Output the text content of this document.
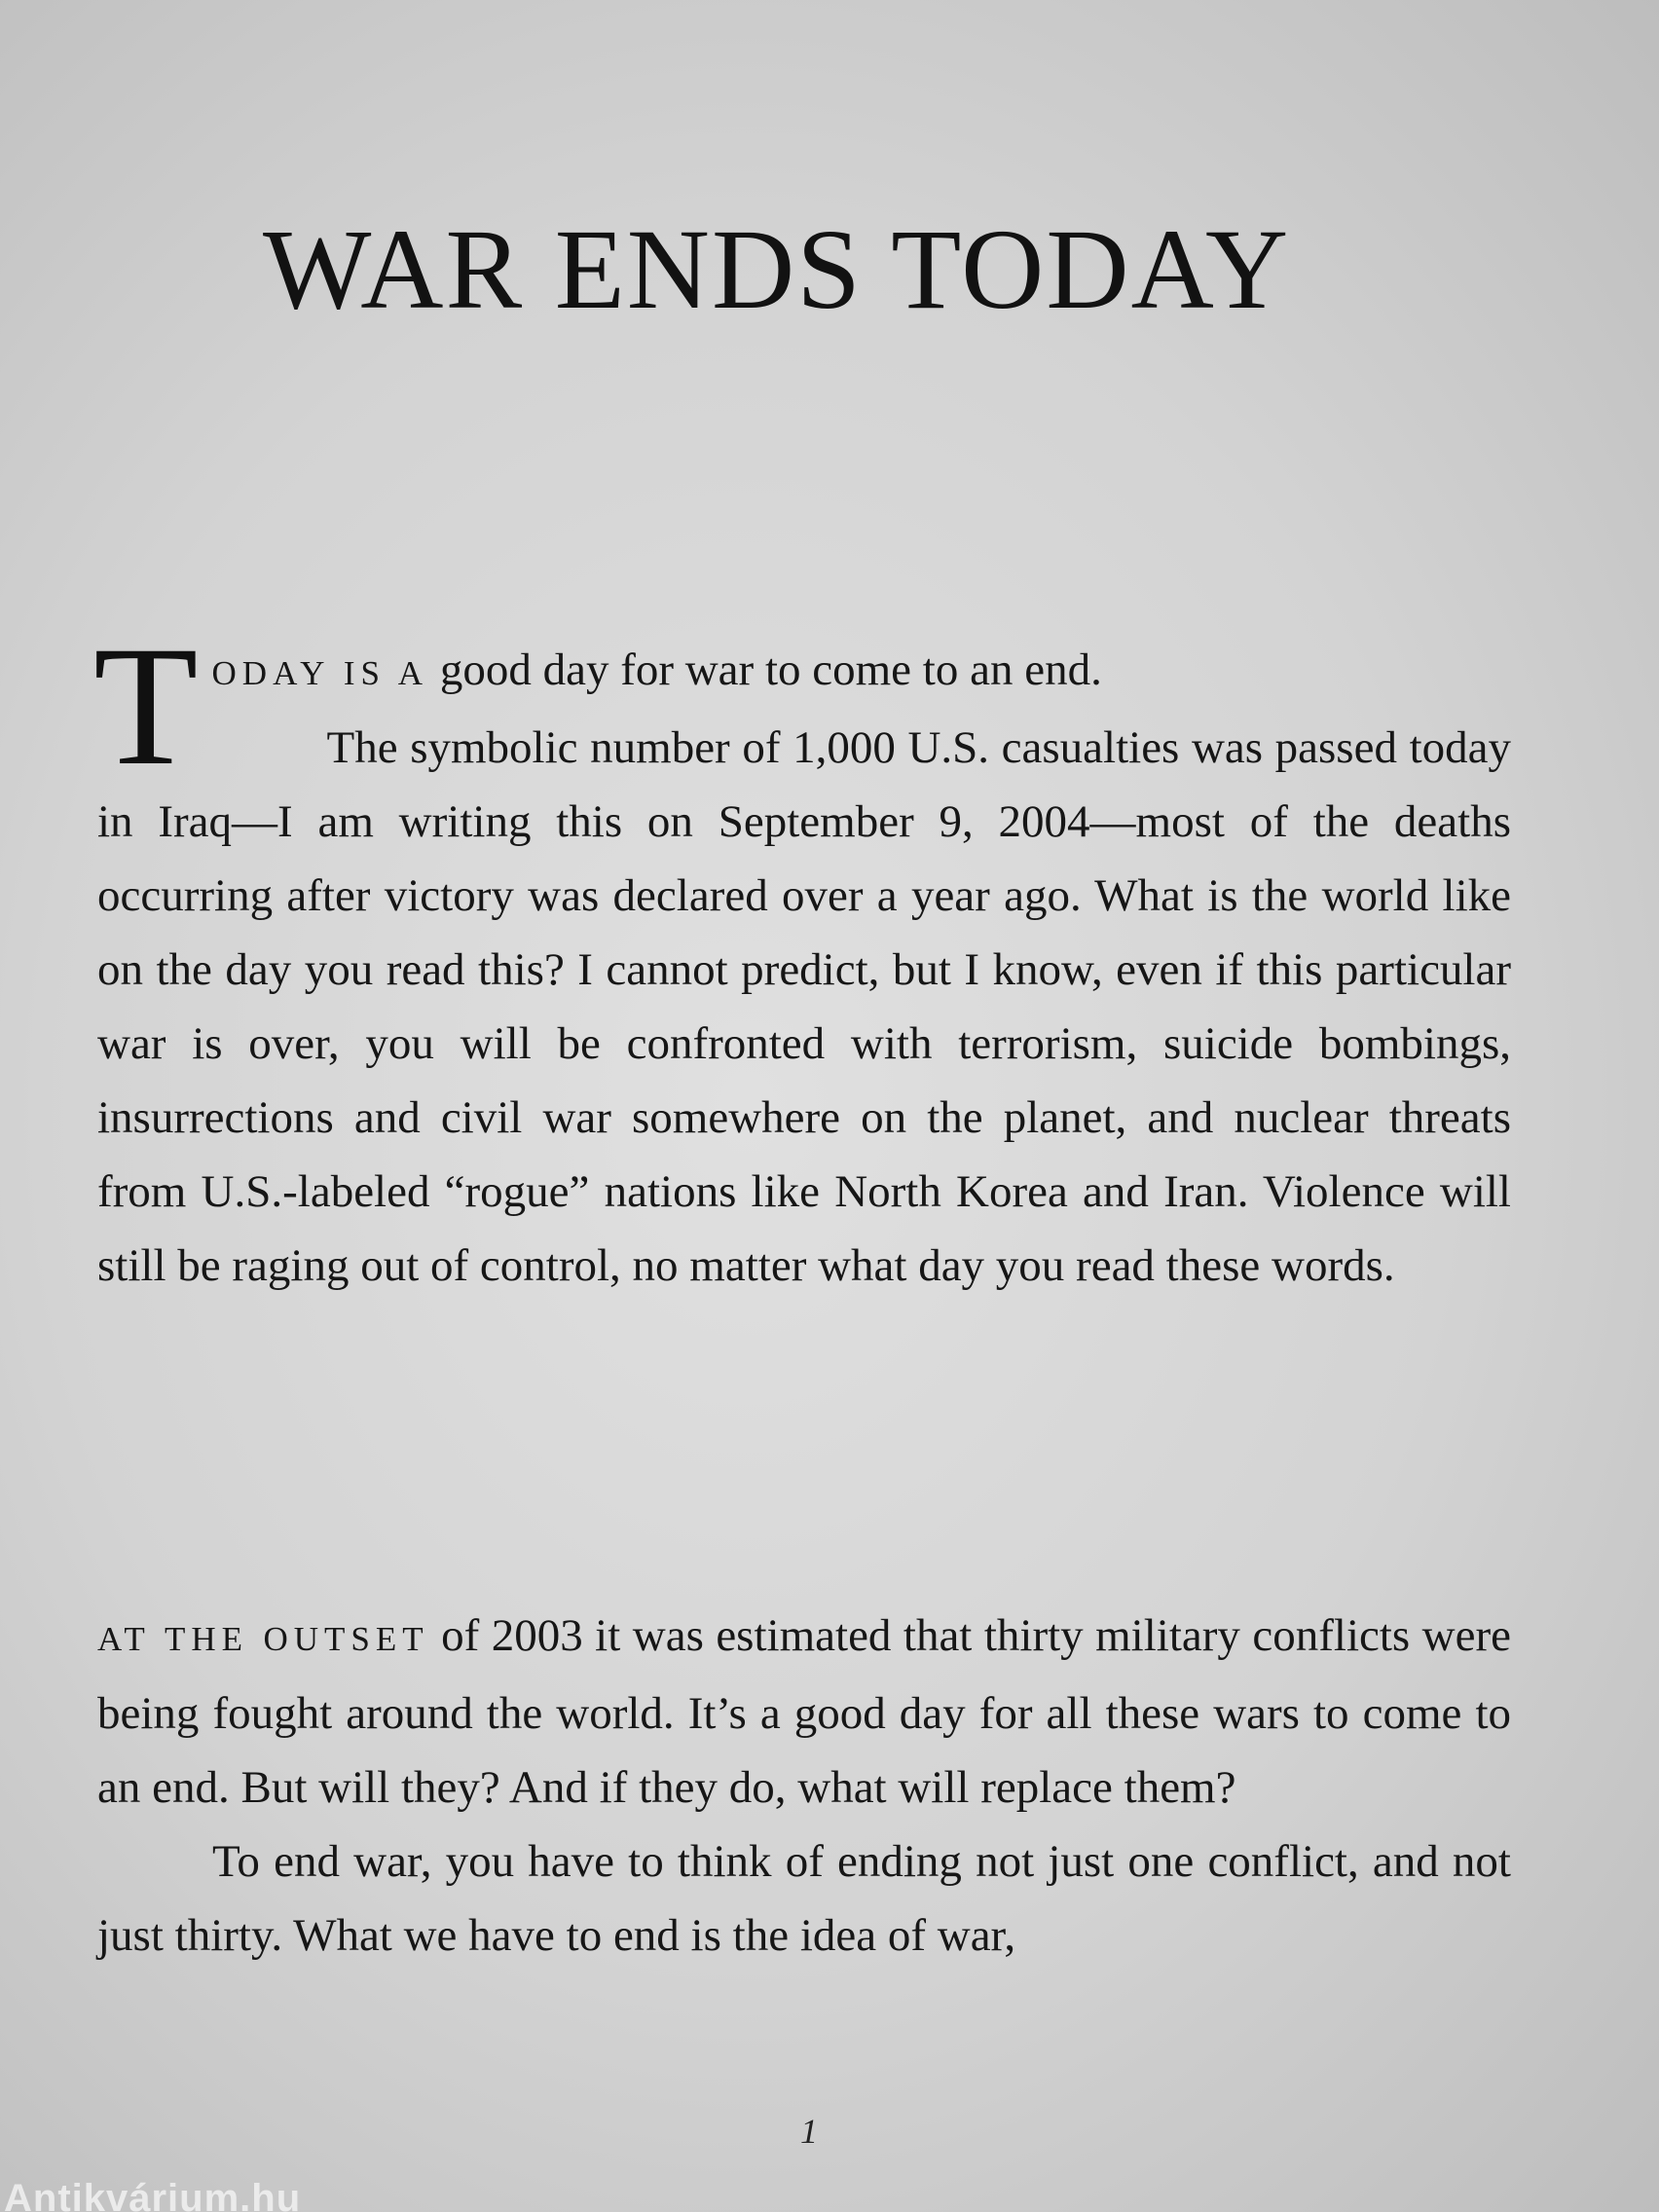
WAR ENDS TODAY

TODAY IS A good day for war to come to an end.

The symbolic number of 1,000 U.S. casualties was passed today in Iraq—I am writing this on September 9, 2004—most of the deaths occurring after victory was declared over a year ago. What is the world like on the day you read this? I cannot predict, but I know, even if this particular war is over, you will be confronted with terrorism, suicide bombings, insurrections and civil war somewhere on the planet, and nuclear threats from U.S.-labeled “rogue” nations like North Korea and Iran. Violence will still be raging out of control, no matter what day you read these words.

AT THE OUTSET of 2003 it was estimated that thirty military conflicts were being fought around the world. It’s a good day for all these wars to come to an end. But will they? And if they do, what will replace them?

To end war, you have to think of ending not just one conflict, and not just thirty. What we have to end is the idea of war,

1
Antikvárium.hu
